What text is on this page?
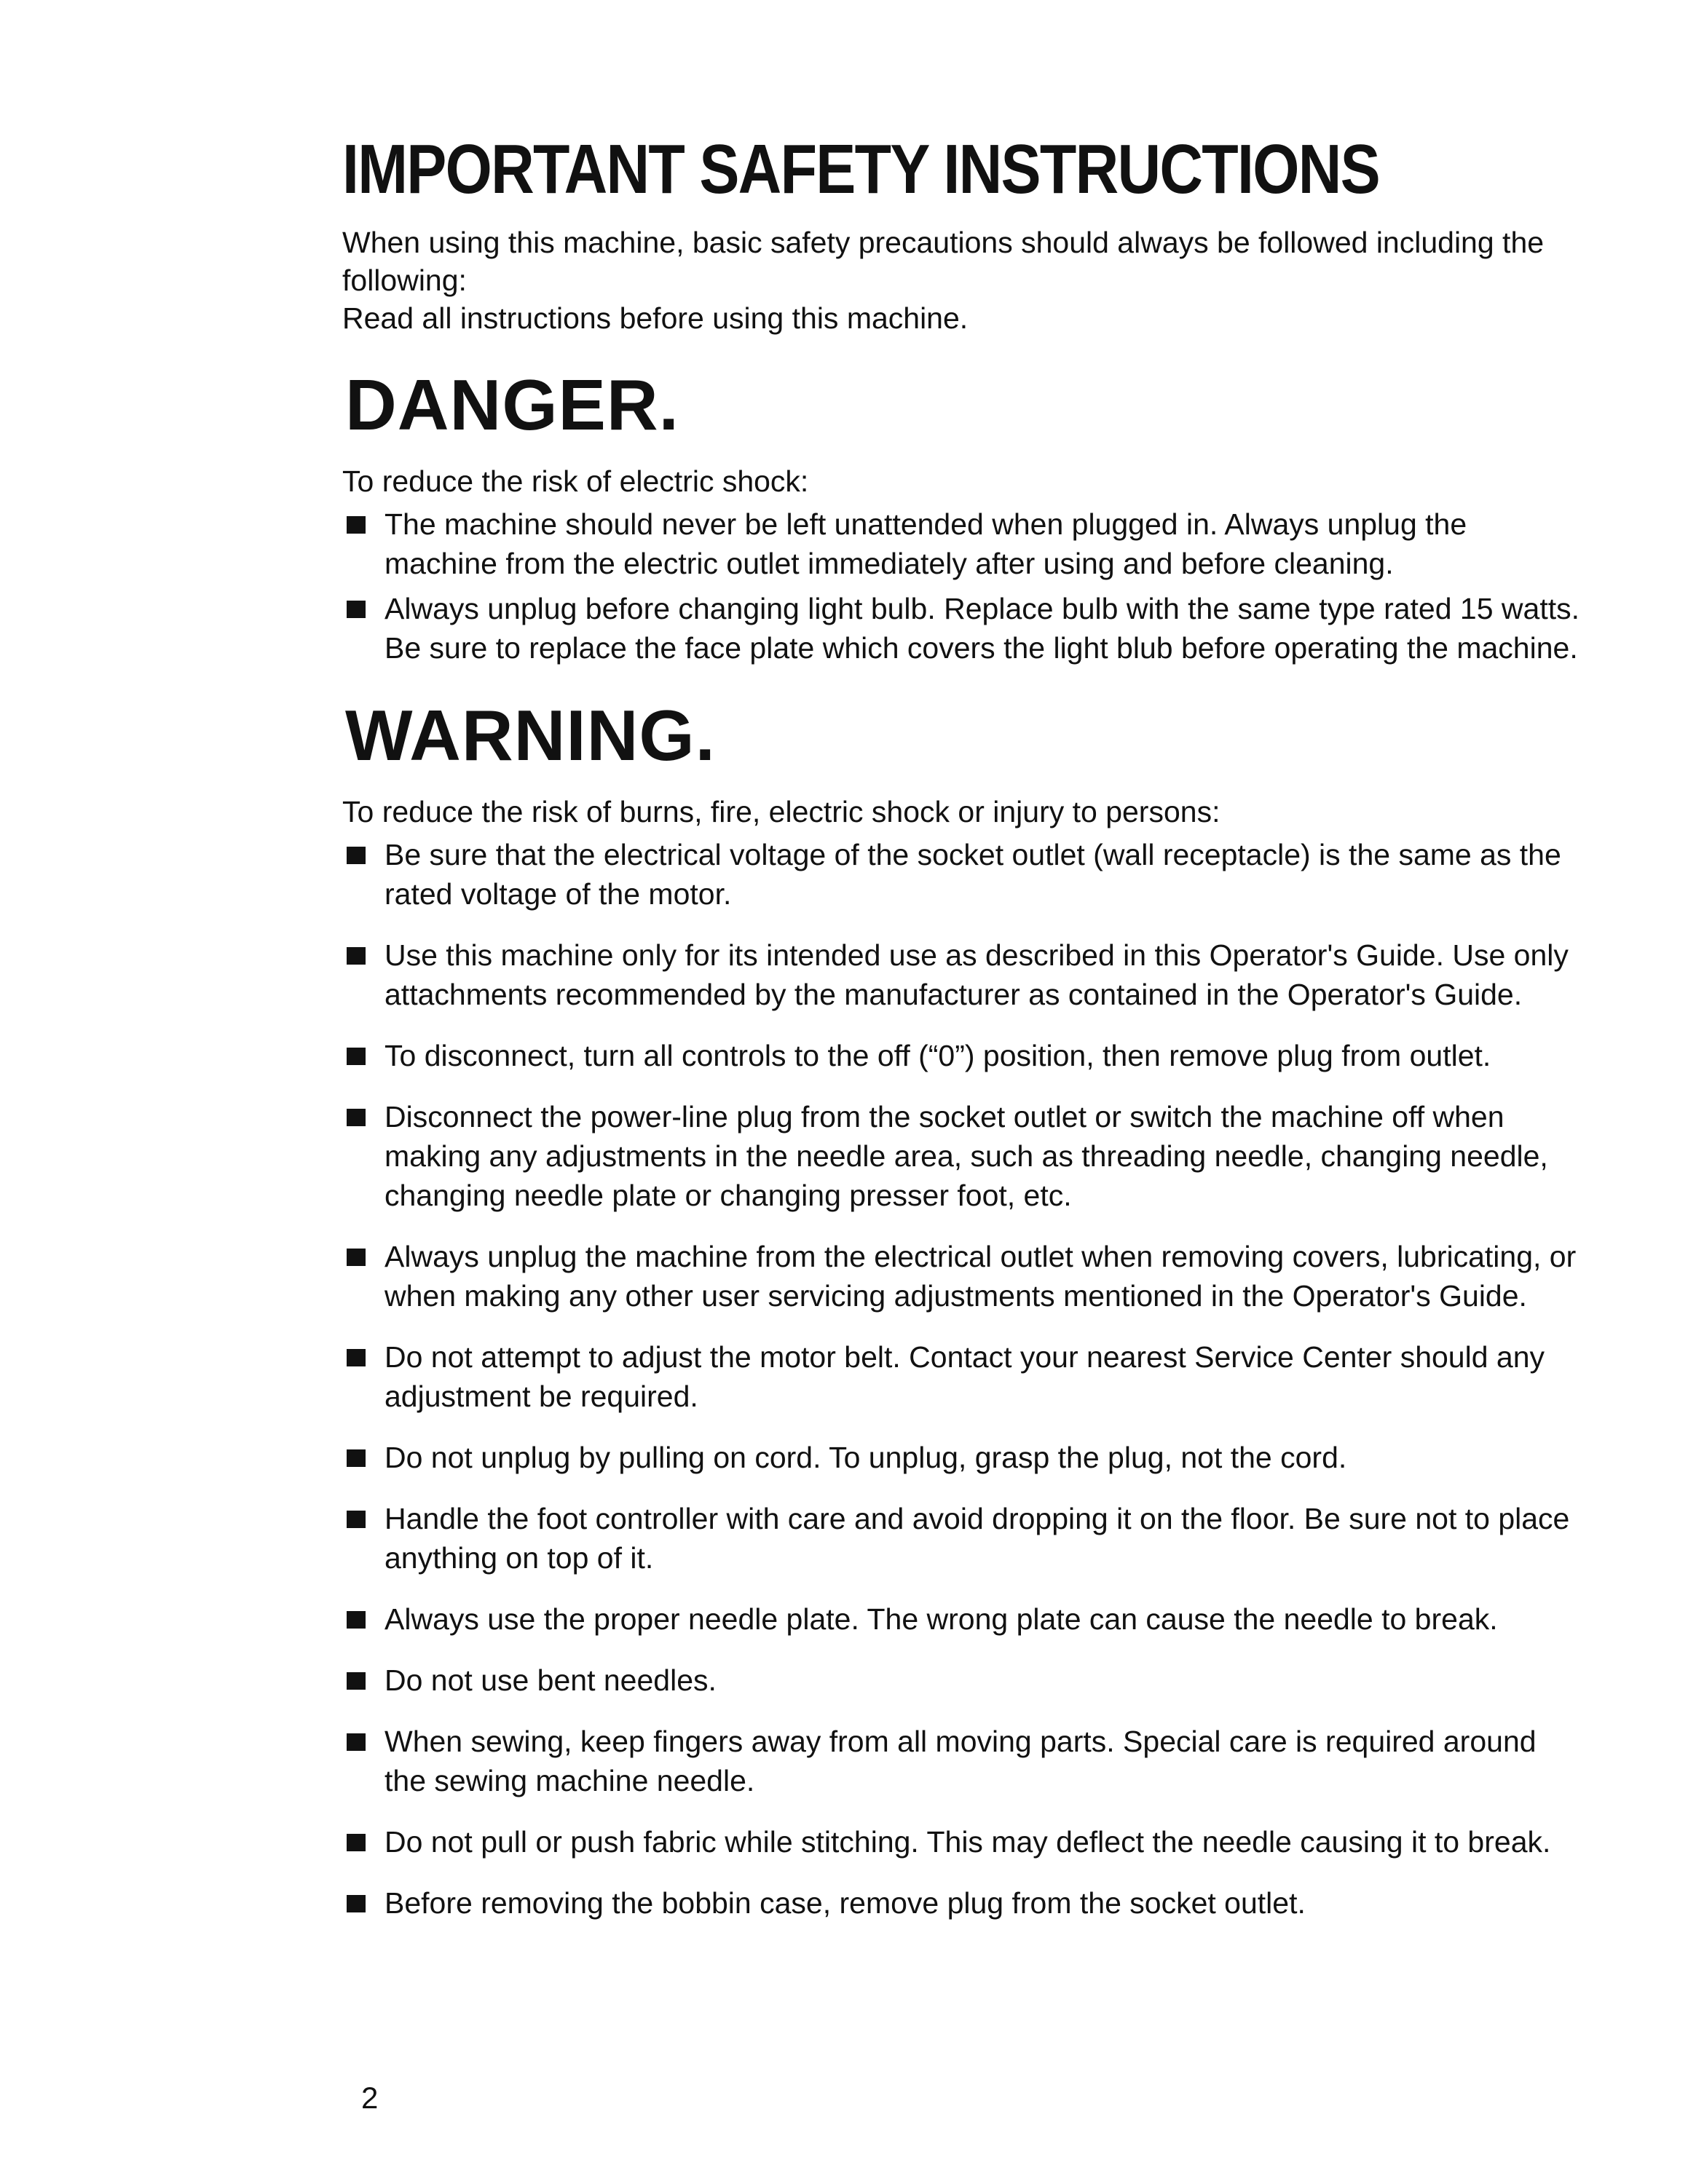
IMPORTANT SAFETY INSTRUCTIONS

When using this machine, basic safety precautions should always be followed including the following:

Read all instructions before using this machine.

DANGER.

To reduce the risk of electric shock:

The machine should never be left unattended when plugged in. Always unplug the machine from the electric outlet immediately after using and before cleaning.
Always unplug before changing light bulb. Replace bulb with the same type rated 15 watts. Be sure to replace the face plate which covers the light blub before operating the machine.
WARNING.

To reduce the risk of burns, fire, electric shock or injury to persons:

Be sure that the electrical voltage of the socket outlet (wall receptacle) is the same as the rated voltage of the motor.
Use this machine only for its intended use as described in this Operator's Guide. Use only attachments recommended by the manufacturer as contained in the Operator's Guide.
To disconnect, turn all controls to the off (“0”) position, then remove plug from outlet.
Disconnect the power-line plug from the socket outlet or switch the machine off when making any adjustments in the needle area, such as threading needle, changing needle, changing needle plate or changing presser foot, etc.
Always unplug the machine from the electrical outlet when removing covers, lubricating, or when making any other user servicing adjustments mentioned in the Operator's Guide.
Do not attempt to adjust the motor belt. Contact your nearest Service Center should any adjustment be required.
Do not unplug by pulling on cord. To unplug, grasp the plug, not the cord.
Handle the foot controller with care and avoid dropping it on the floor. Be sure not to place anything on top of it.
Always use the proper needle plate. The wrong plate can cause the needle to break.
Do not use bent needles.
When sewing, keep fingers away from all moving parts. Special care is required around the sewing machine needle.
Do not pull or push fabric while stitching. This may deflect the needle causing it to break.
Before removing the bobbin case, remove plug from the socket outlet.
2
